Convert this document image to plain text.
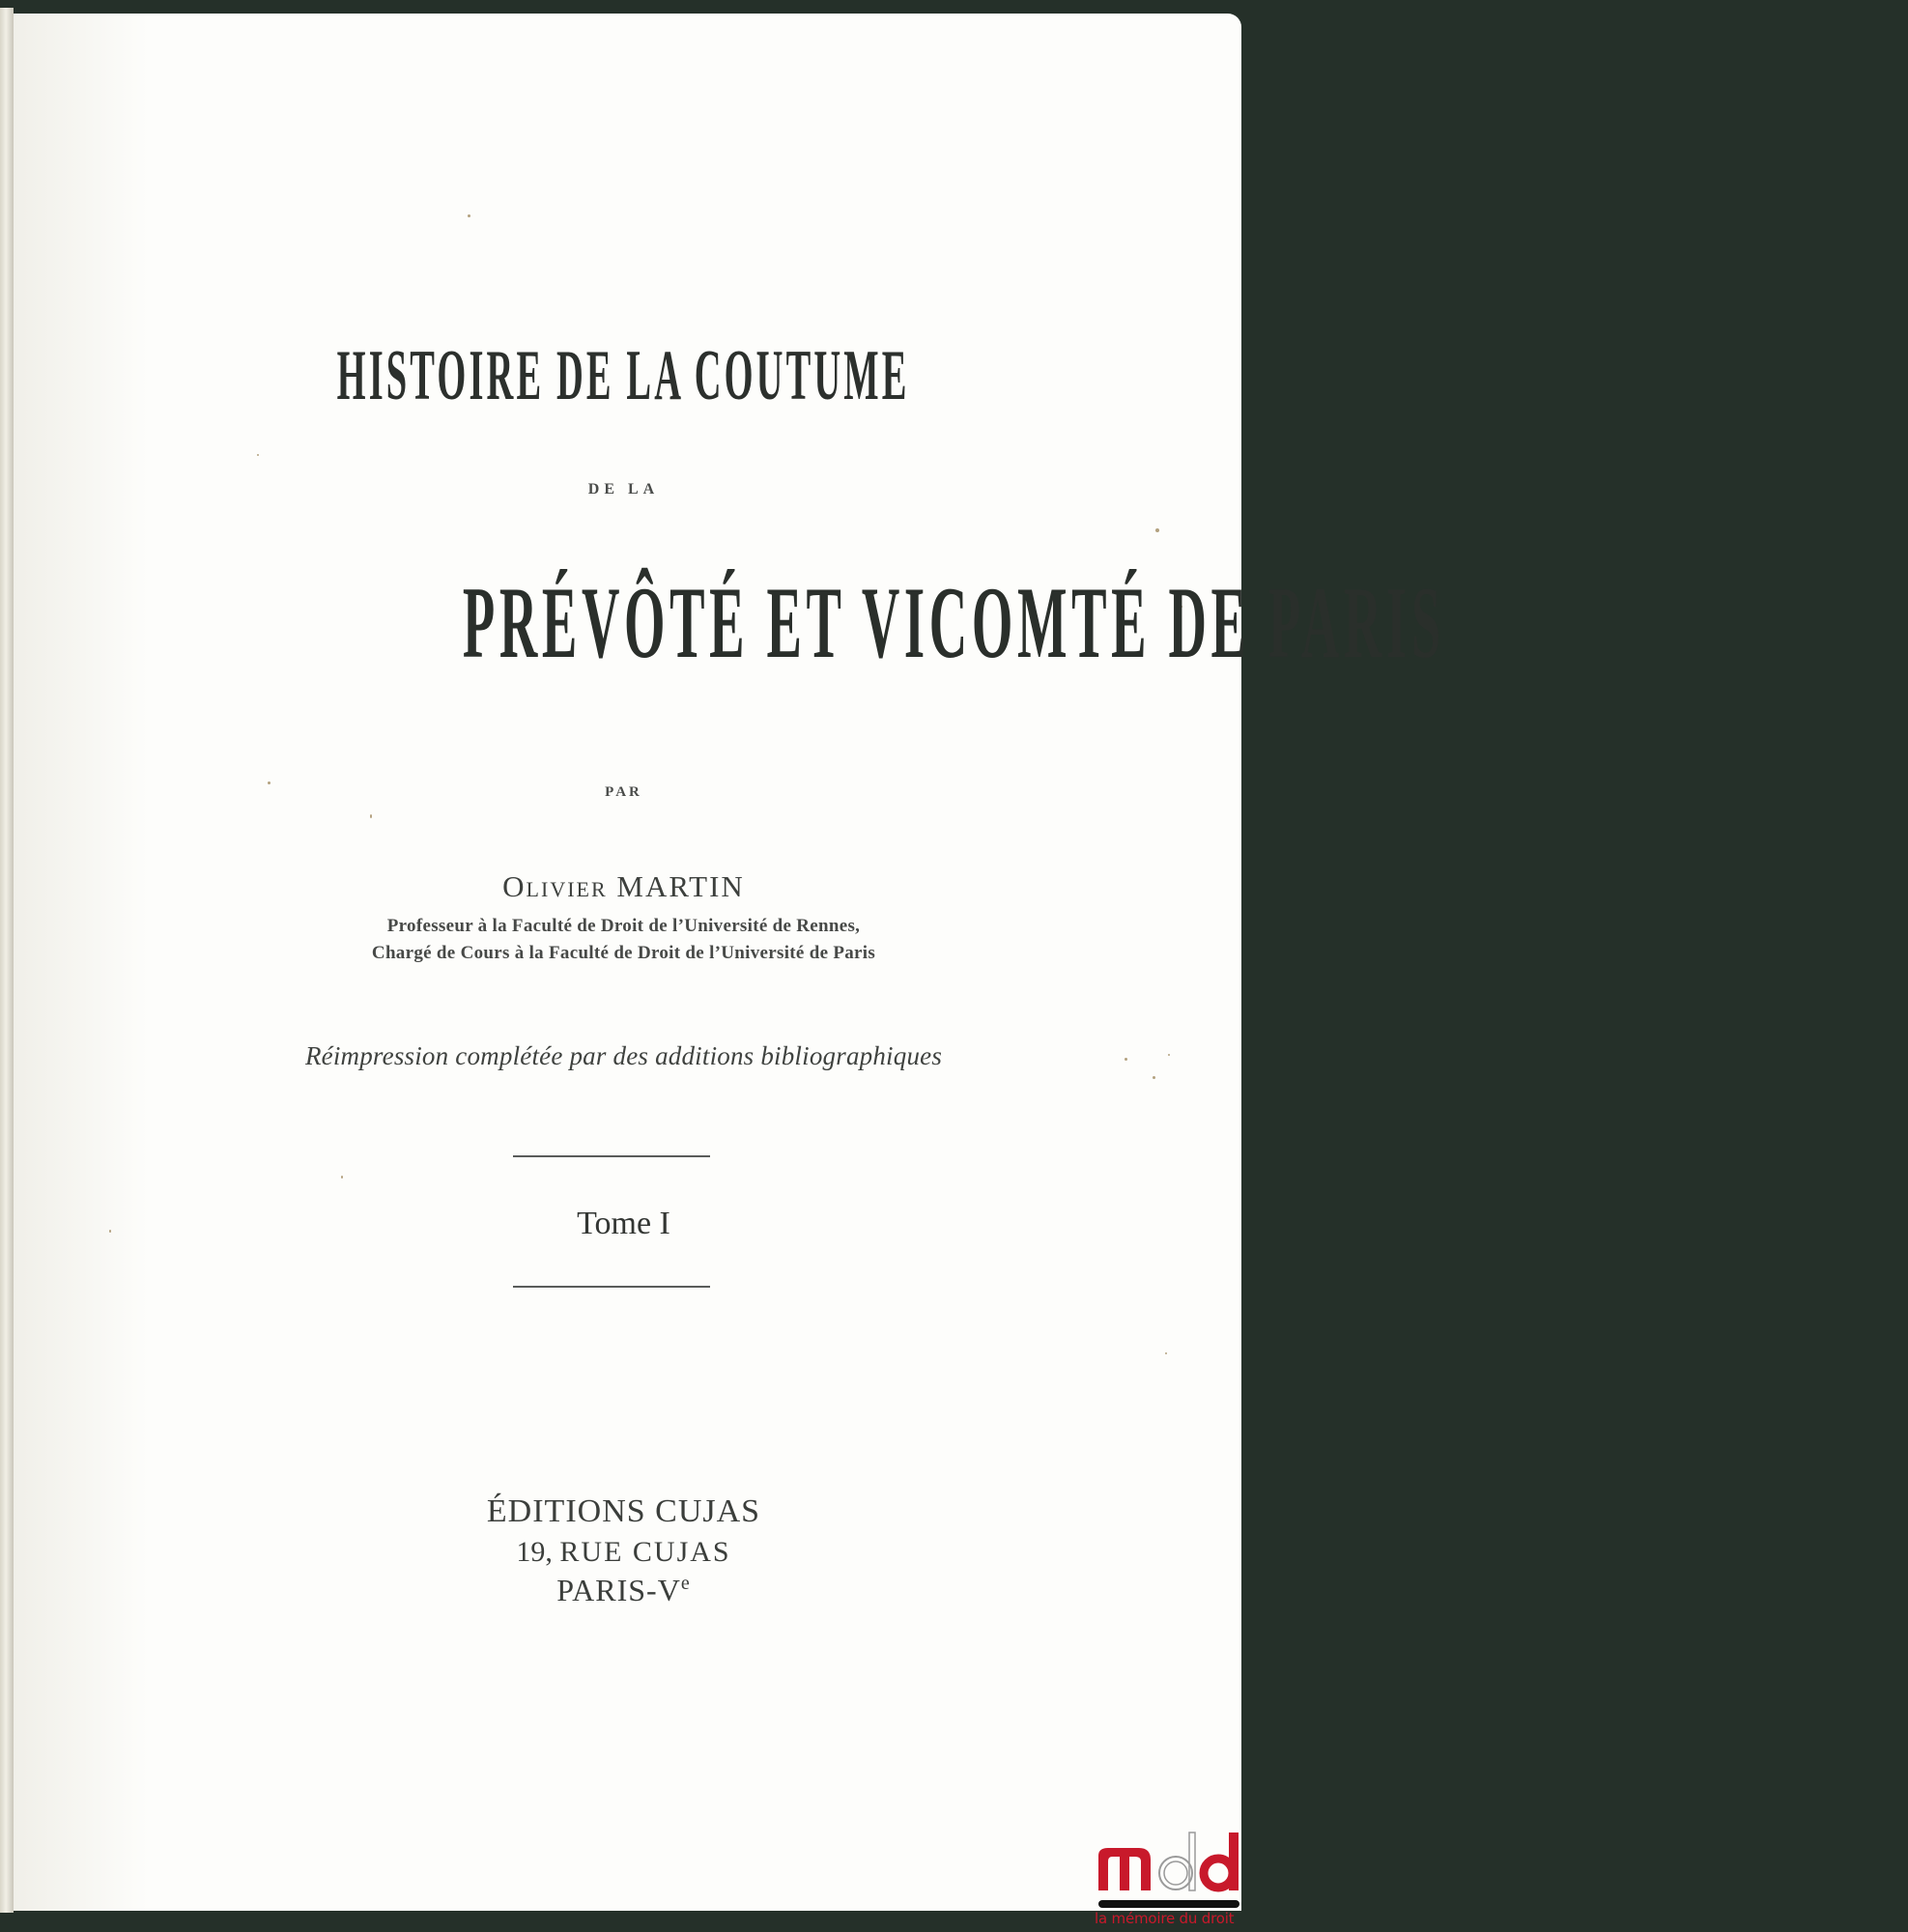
HISTOIRE DE LA COUTUME
DE LA
PRÉVÔTÉ ET VICOMTÉ DE PARIS
PAR
Olivier MARTIN
Professeur à la Faculté de Droit de l’Université de Rennes,
Chargé de Cours à la Faculté de Droit de l’Université de Paris
Réimpression complétée par des additions bibliographiques
Tome I
ÉDITIONS CUJAS
19, RUE CUJAS
PARIS-Ve
la mémoire du droit
